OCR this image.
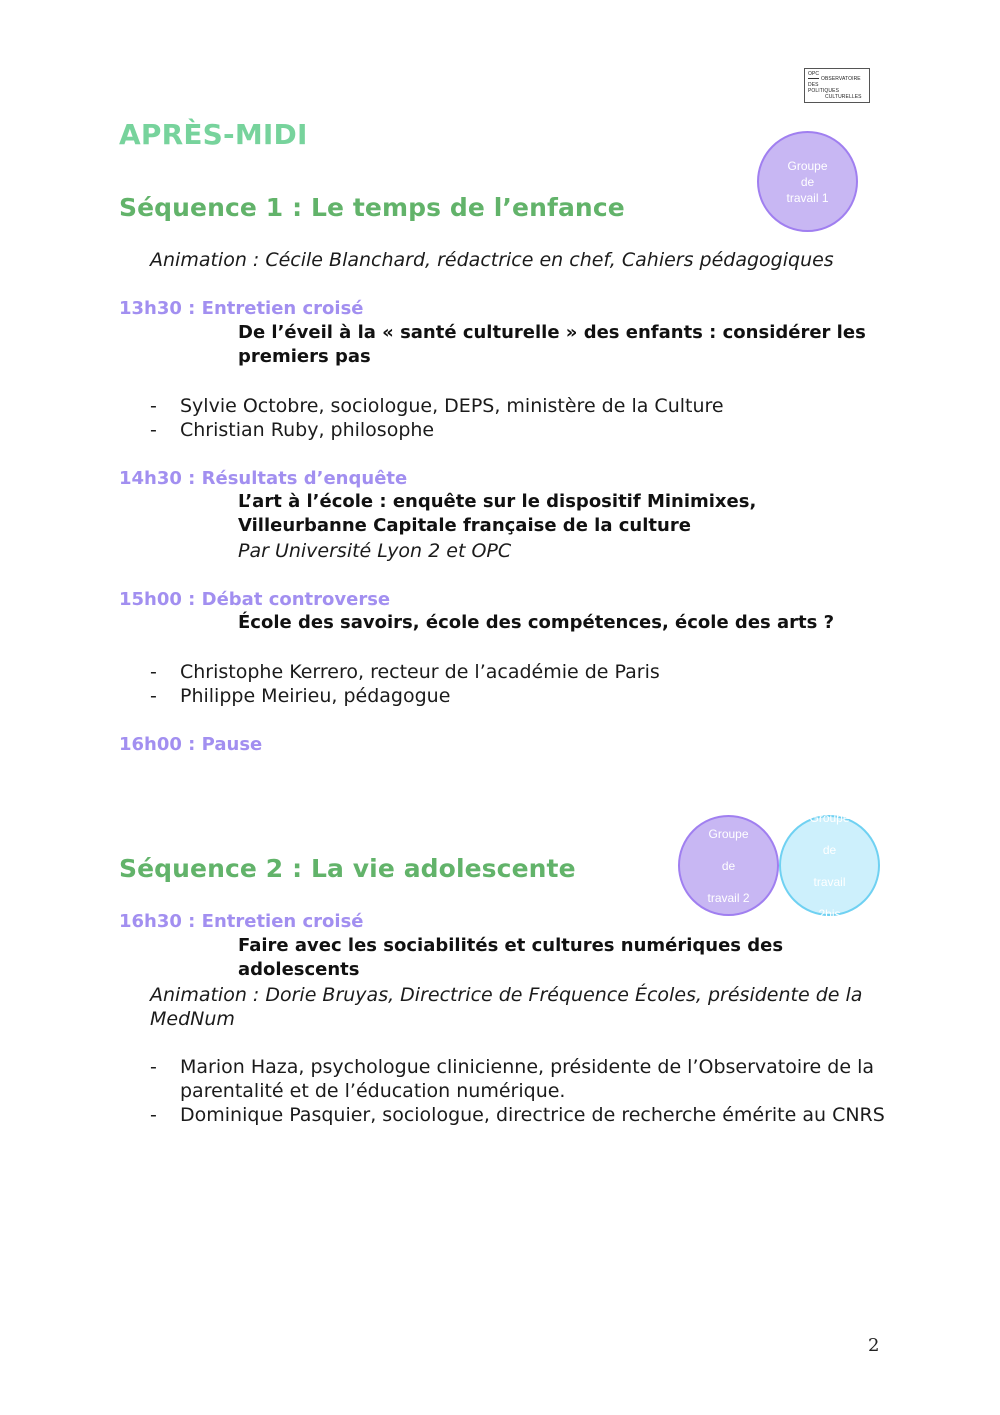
OPC
OBSERVATOIRE
DES
POLITIQUES
CULTURELLES
APRÈS-MIDI
Groupe
de
travail 1
Séquence 1 : Le temps de l’enfance
Animation : Cécile Blanchard, rédactrice en chef, Cahiers pédagogiques
13h30 : Entretien croisé
De l’éveil à la « santé culturelle » des enfants : considérer les premiers pas
- Sylvie Octobre, sociologue, DEPS, ministère de la Culture
- Christian Ruby, philosophe
14h30 : Résultats d’enquête
L’art à l’école : enquête sur le dispositif Minimixes, Villeurbanne Capitale française de la culture
Par Université Lyon 2 et OPC
15h00 : Débat controverse
École des savoirs, école des compétences, école des arts ?
- Christophe Kerrero, recteur de l’académie de Paris
- Philippe Meirieu, pédagogue
16h00 : Pause
Groupe

de

travail

2bis
Groupe

de

travail 2
Séquence 2 : La vie adolescente
16h30 : Entretien croisé
Faire avec les sociabilités et cultures numériques des adolescents
Animation : Dorie Bruyas, Directrice de Fréquence Écoles, présidente de la MedNum
- Marion Haza, psychologue clinicienne, présidente de l’Observatoire de la parentalité et de l’éducation numérique.
- Dominique Pasquier, sociologue, directrice de recherche émérite au CNRS
2
